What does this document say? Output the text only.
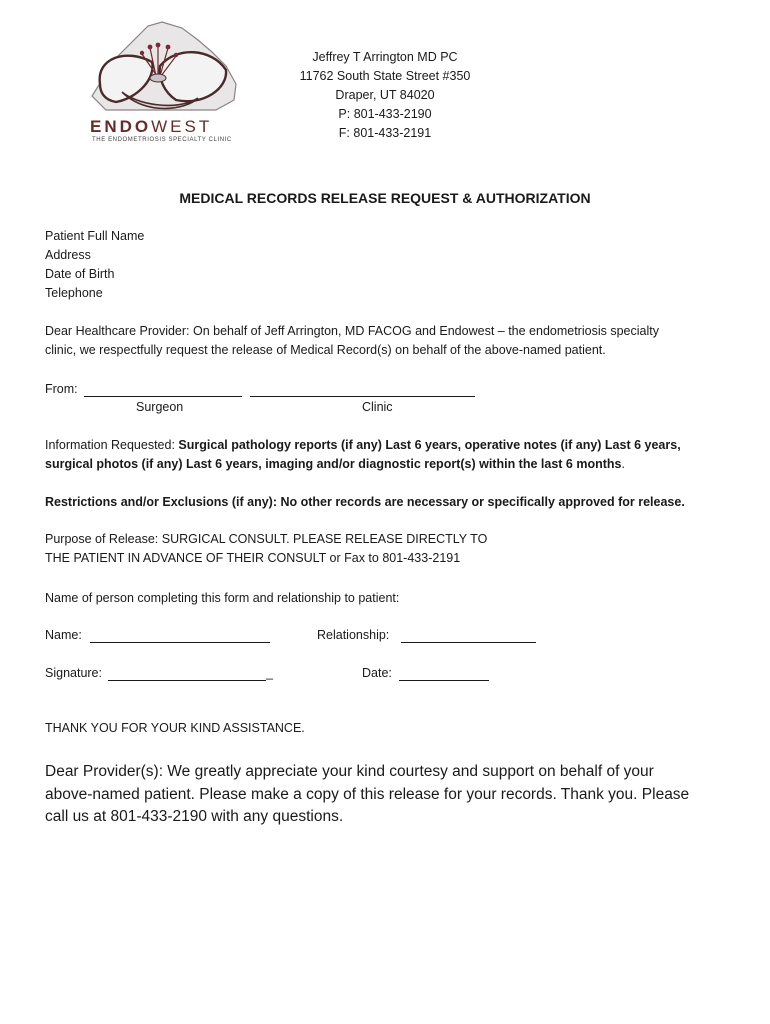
ENDOWEST
THE ENDOMETRIOSIS SPECIALTY CLINIC
Jeffrey T Arrington MD PC
11762 South State Street #350
Draper, UT 84020
P: 801-433-2190
F: 801-433-2191
MEDICAL RECORDS RELEASE REQUEST & AUTHORIZATION
Patient Full Name
Address
Date of Birth
Telephone
Dear Healthcare Provider: On behalf of Jeff Arrington, MD FACOG and Endowest – the endometriosis specialty
clinic, we respectfully request the release of Medical Record(s) on behalf of the above-named patient.
From:
Surgeon	Clinic
Information Requested: Surgical pathology reports (if any) Last 6 years, operative notes (if any) Last 6 years,
surgical photos (if any) Last 6 years, imaging and/or diagnostic report(s) within the last 6 months.
Restrictions and/or Exclusions (if any): No other records are necessary or specifically approved for release.
Purpose of Release: SURGICAL CONSULT. PLEASE RELEASE DIRECTLY TO
THE PATIENT IN ADVANCE OF THEIR CONSULT or Fax to 801-433-2191
Name of person completing this form and relationship to patient:
Name:	Relationship:
Signature:	_	Date:
THANK YOU FOR YOUR KIND ASSISTANCE.
Dear Provider(s): We greatly appreciate your kind courtesy and support on behalf of your
above-named patient. Please make a copy of this release for your records. Thank you. Please
call us at 801-433-2190 with any questions.
